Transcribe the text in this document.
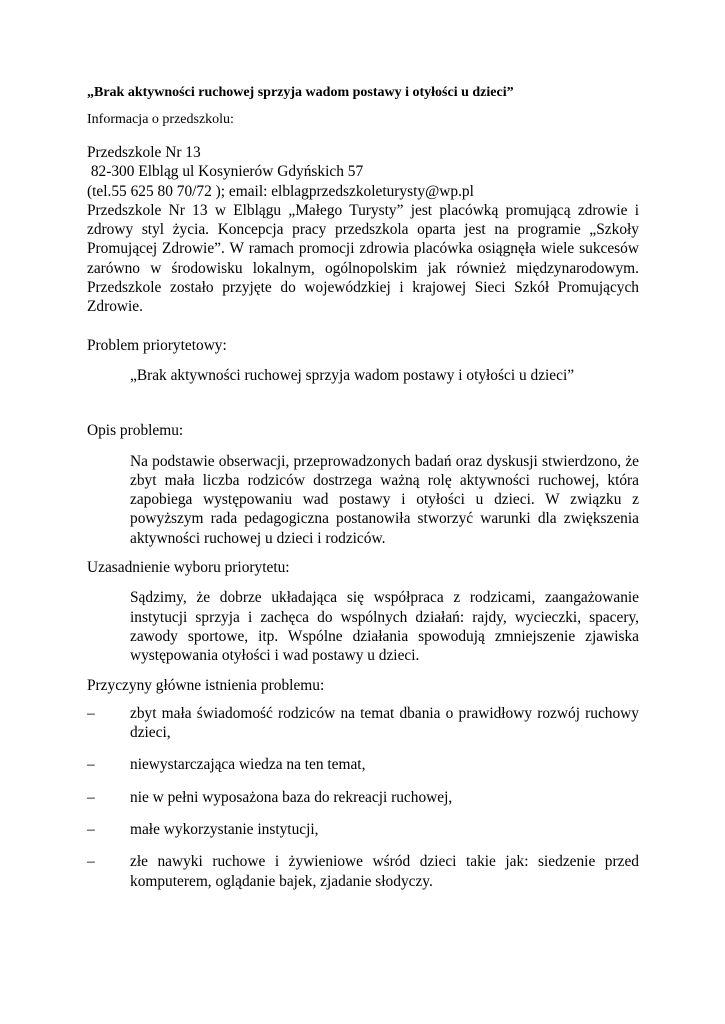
„Brak aktywności ruchowej sprzyja wadom postawy i otyłości u dzieci”
Informacja o przedszkolu:
Przedszkole Nr 13
82-300 Elbląg ul Kosynierów Gdyńskich 57
(tel.55 625 80 70/72 ); email: elblagprzedszkoleturysty@wp.pl
Przedszkole Nr 13 w Elblągu „Małego Turysty” jest placówką promującą zdrowie i zdrowy styl życia. Koncepcja pracy przedszkola oparta jest na programie „Szkoły Promującej Zdrowie”. W ramach promocji zdrowia placówka osiągnęła wiele sukcesów zarówno w środowisku lokalnym, ogólnopolskim jak również międzynarodowym. Przedszkole zostało przyjęte do wojewódzkiej i krajowej Sieci Szkół Promujących Zdrowie.
Problem priorytetowy:
„Brak aktywności ruchowej sprzyja wadom postawy i otyłości u dzieci”
Opis problemu:
Na podstawie obserwacji, przeprowadzonych badań oraz dyskusji stwierdzono, że zbyt mała liczba rodziców dostrzega ważną rolę aktywności ruchowej, która zapobiega występowaniu wad postawy i otyłości u dzieci. W związku z powyższym rada pedagogiczna postanowiła stworzyć warunki dla zwiększenia aktywności ruchowej u dzieci i rodziców.
Uzasadnienie wyboru priorytetu:
Sądzimy, że dobrze układająca się współpraca z rodzicami, zaangażowanie instytucji sprzyja i zachęca do wspólnych działań: rajdy, wycieczki, spacery, zawody sportowe, itp. Wspólne działania spowodują zmniejszenie zjawiska występowania otyłości i wad postawy u dzieci.
Przyczyny główne istnienia problemu:
– zbyt mała świadomość rodziców na temat dbania o prawidłowy rozwój ruchowy dzieci,
– niewystarczająca wiedza na ten temat,
– nie w pełni wyposażona baza do rekreacji ruchowej,
– małe wykorzystanie instytucji,
– złe nawyki ruchowe i żywieniowe wśród dzieci takie jak: siedzenie przed komputerem, oglądanie bajek, zjadanie słodyczy.
